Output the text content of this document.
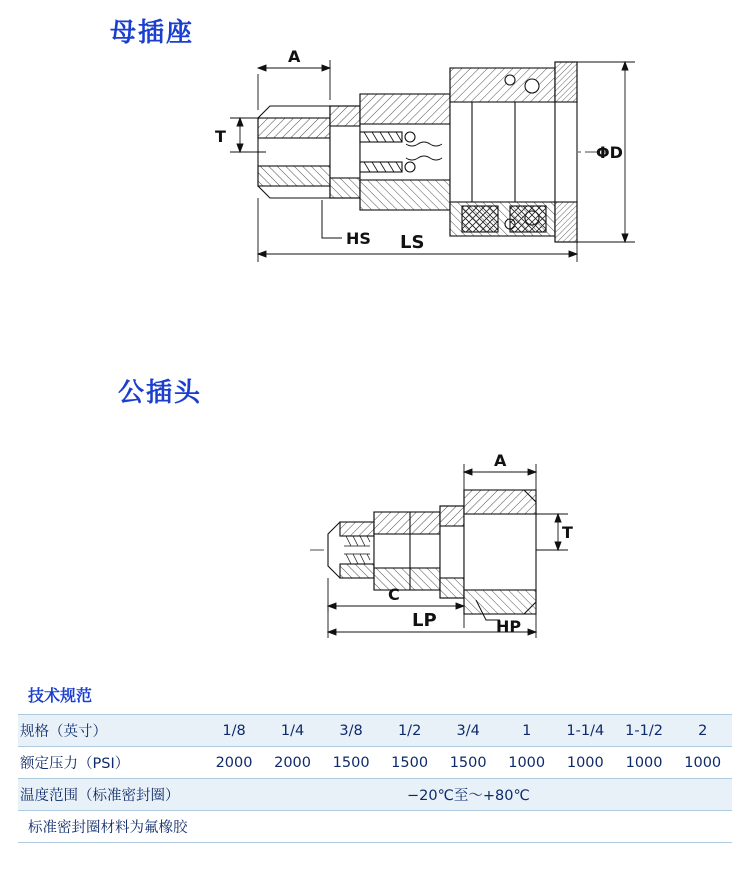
母插座
A
T
HS LS
ΦD
公插头
A
T
HP
C
LP
技术规范
规格（英寸）	1/8	1/4	3/8	1/2	3/4	1	1-1/4	1-1/2	2
额定压力（PSI）	2000	2000	1500	1500	1500	1000	1000	1000	1000
温度范围（标准密封圈）	−20℃至～+80℃								
标准密封圈材料为氟橡胶									
